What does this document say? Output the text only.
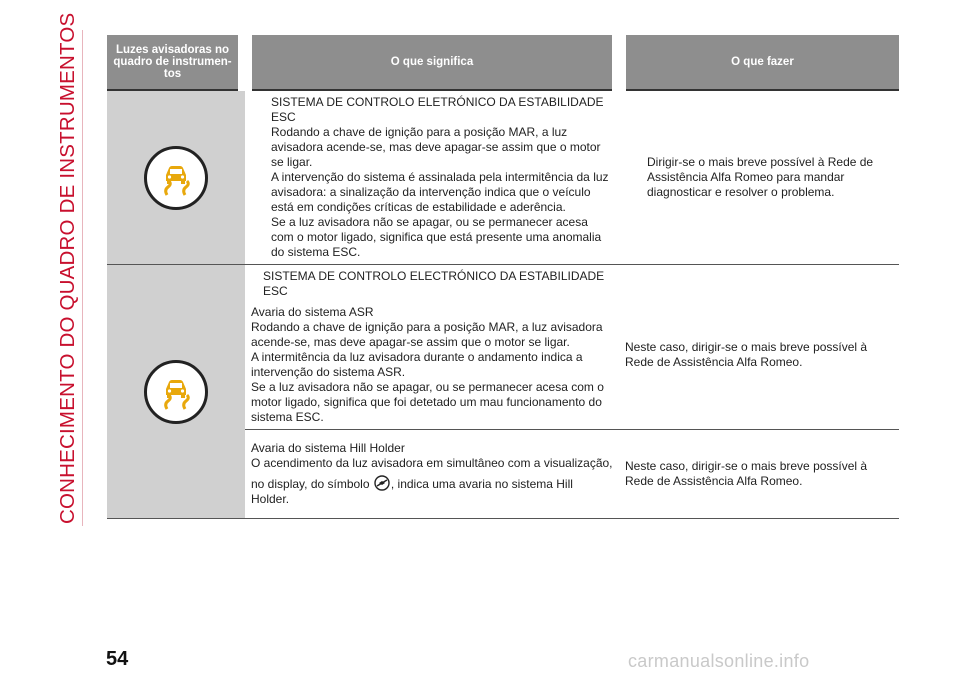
CONHECIMENTO DO QUADRO DE INSTRUMENTOS	Luzes avisadoras no quadro de instrumen- tos	O que significa	O que fazer

SISTEMA DE CONTROLO ELETRÓNICO DA ESTABILIDADE ESC

Rodando a chave de ignição para a posição MAR, a luz avisadora acende-se, mas deve apagar-se assim que o motor se ligar.

A intervenção do sistema é assinalada pela intermitência da luz avisadora: a sinalização da intervenção indica que o veículo está em condições críticas de estabilidade e aderência.

Se a luz avisadora não se apagar, ou se permanecer acesa com o motor ligado, significa que está presente uma anomalia do sistema ESC.	Dirigir-se o mais breve possível à Rede de Assistência Alfa Romeo para mandar diagnosticar e resolver o problema.

SISTEMA DE CONTROLO ELECTRÓNICO DA ESTABILIDADE ESC

Avaria do sistema ASR

Rodando a chave de ignição para a posição MAR, a luz avisadora acende-se, mas deve apagar-se assim que o motor se ligar.

A intermitência da luz avisadora durante o andamento indica a intervenção do sistema ASR.

Se a luz avisadora não se apagar, ou se permanecer acesa com o motor ligado, significa que foi detetado um mau funcionamento do sistema ESC.	Neste caso, dirigir-se o mais breve possível à Rede de Assistência Alfa Romeo.

	Avaria do sistema Hill Holder

O acendimento da luz avisadora em simultâneo com a visualização,

no display, do símbolo , indica uma avaria no sistema Hill Holder.	Neste caso, dirigir-se o mais breve possível à Rede de Assistência Alfa Romeo.

54	carmanualsonline.info
